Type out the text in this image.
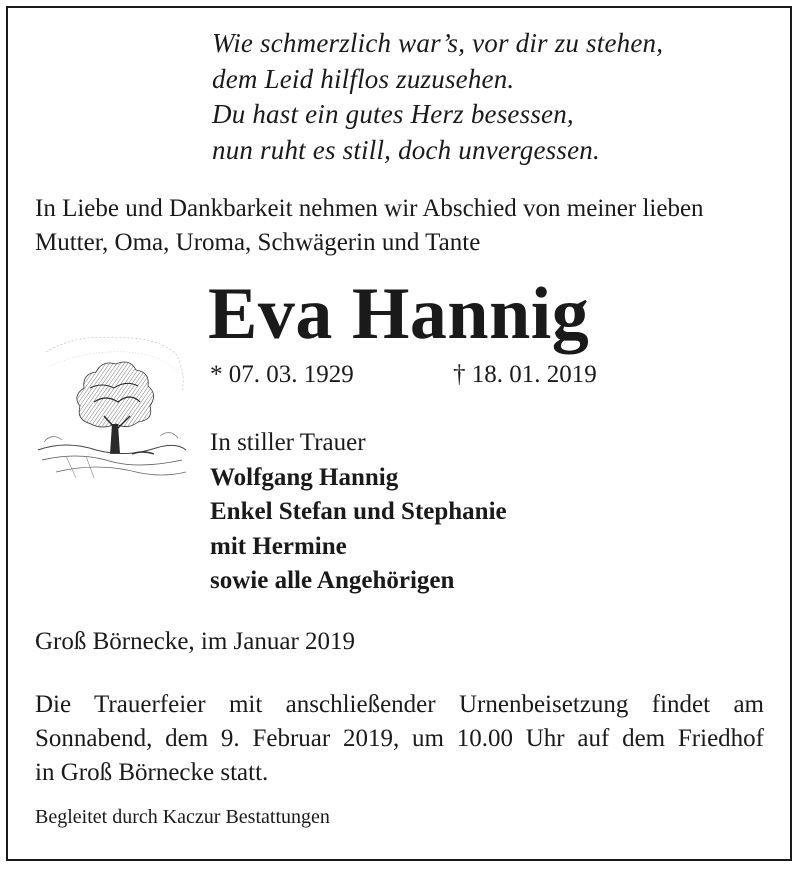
Wie schmerzlich war’s, vor dir zu stehen,
dem Leid hilflos zuzusehen.
Du hast ein gutes Herz besessen,
nun ruht es still, doch unvergessen.
In Liebe und Dankbarkeit nehmen wir Abschied von meiner lieben
Mutter, Oma, Uroma, Schwägerin und Tante
Eva Hannig
* 07. 03. 1929	† 18. 01. 2019
In stiller Trauer
Wolfgang Hannig
Enkel Stefan und Stephanie
mit Hermine
sowie alle Angehörigen
Groß Börnecke, im Januar 2019
Die Trauerfeier mit anschließender Urnenbeisetzung findet am
Sonnabend, dem 9. Februar 2019, um 10.00 Uhr auf dem Friedhof
in Groß Börnecke statt.
Begleitet durch Kaczur Bestattungen
